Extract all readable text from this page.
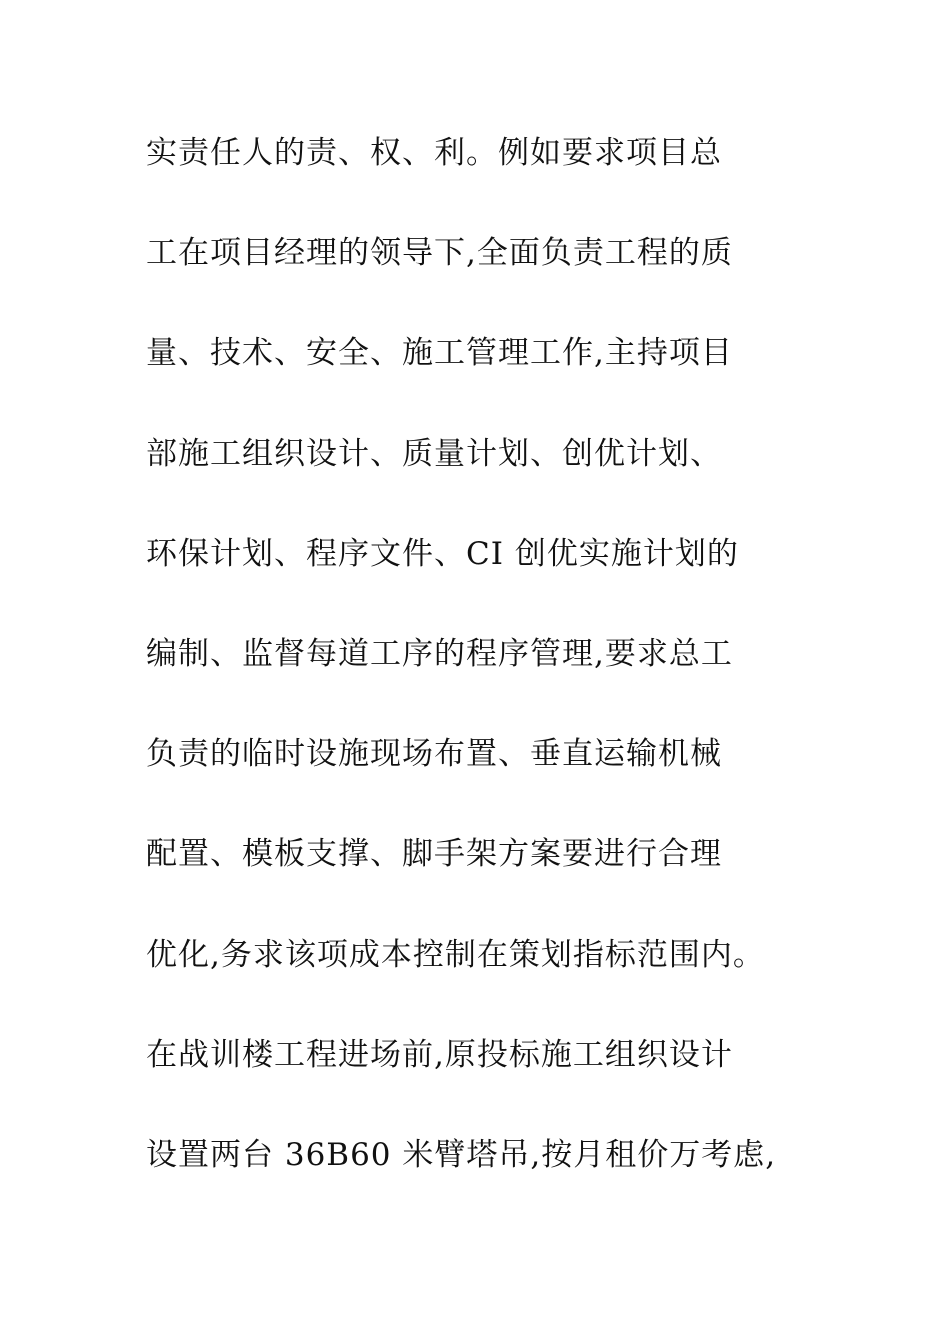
实责任人的责、权、利。例如要求项目总
工在项目经理的领导下,全面负责工程的质
量、技术、安全、施工管理工作,主持项目
部施工组织设计、质量计划、创优计划、
环保计划、程序文件、CI 创优实施计划的
编制、监督每道工序的程序管理,要求总工
负责的临时设施现场布置、垂直运输机械
配置、模板支撑、脚手架方案要进行合理
优化,务求该项成本控制在策划指标范围内。
在战训楼工程进场前,原投标施工组织设计
设置两台 36B60 米臂塔吊,按月租价万考虑,
